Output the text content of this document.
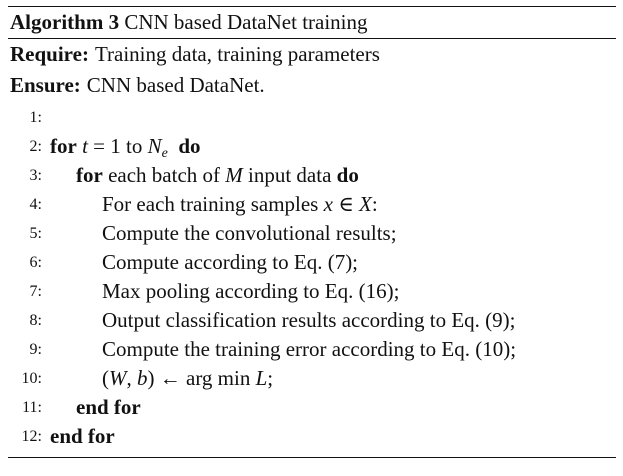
Algorithm 3 CNN based DataNet training
Require: Training data, training parameters
Ensure: CNN based DataNet.
1:
2: for t = 1 to $N_e$ do
3: for each batch of M input data do
4:	For each training samples x ∈ X:
5:	Compute the convolutional results;
6:	Compute according to Eq. (7);
7:	Max pooling according to Eq. (16);
8:	Output classification results according to Eq. (9);
9:	Compute the training error according to Eq. (10);
10:	(W, b) ← arg min L;
11: end for
12: end for
